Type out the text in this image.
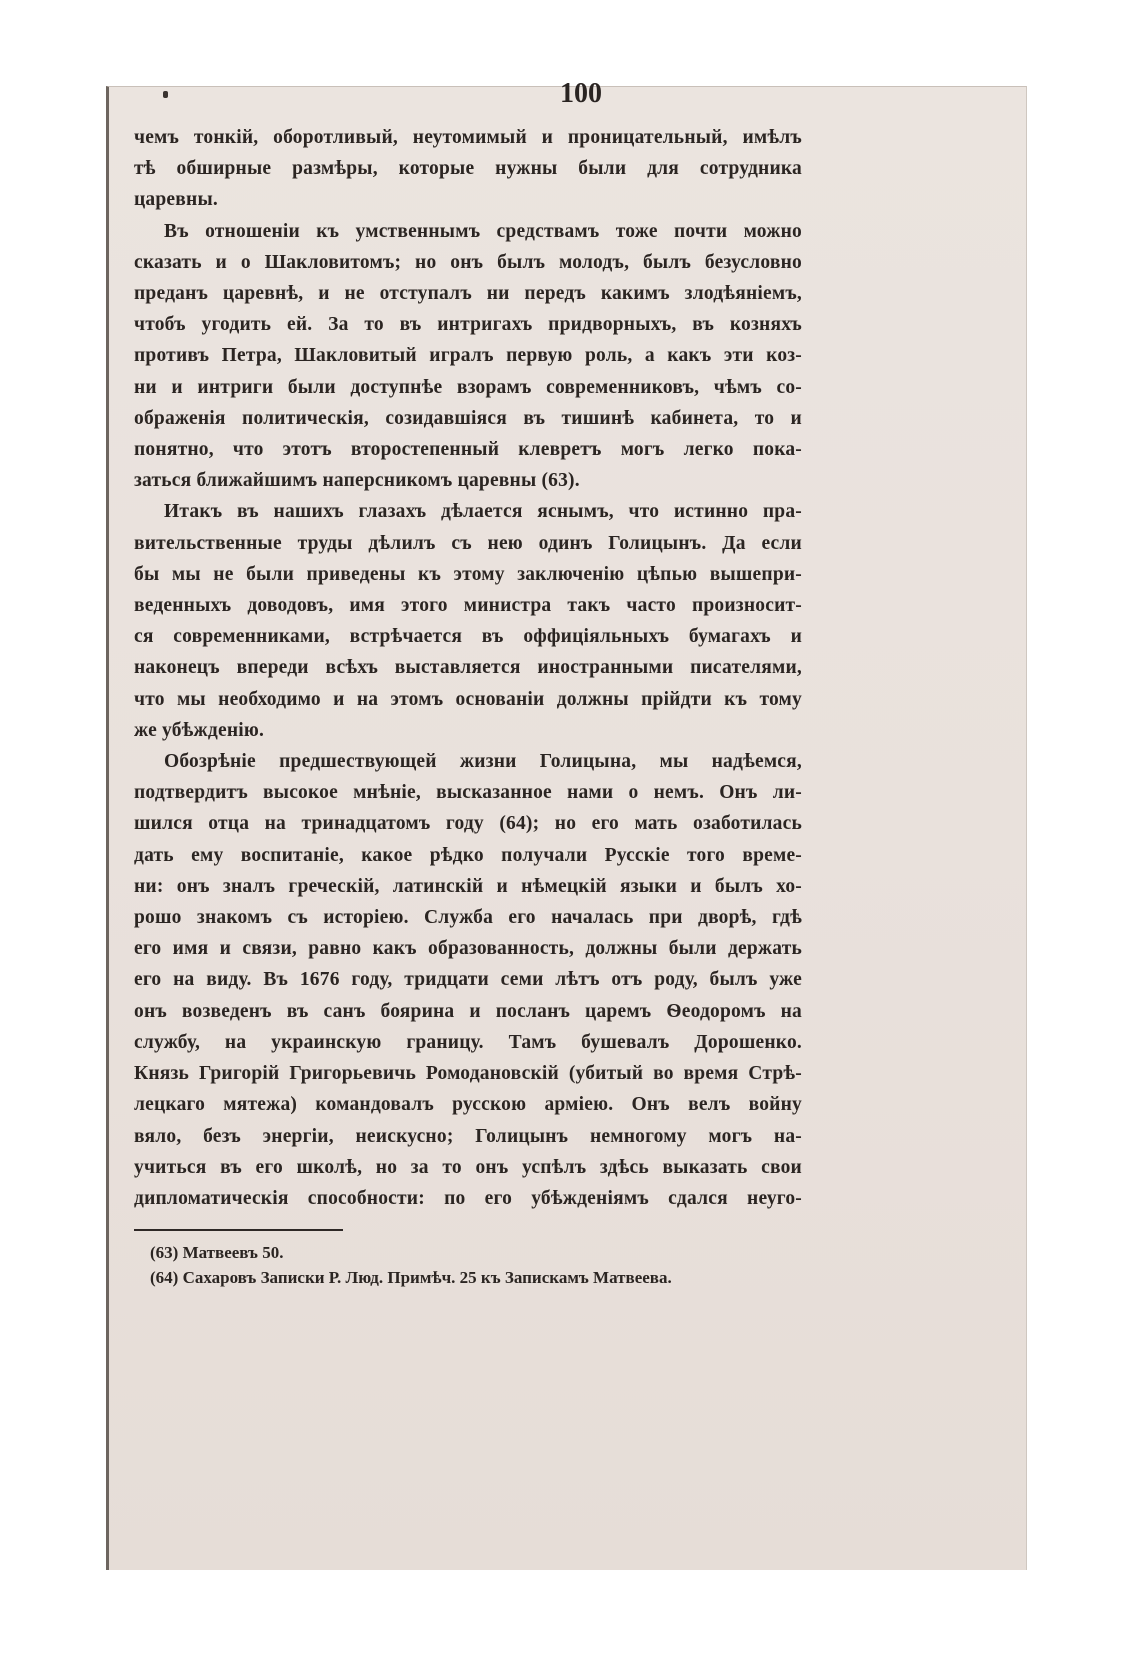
100
чемъ тонкій, оборотливый, неутомимый и проницательный, имѣлъ
тѣ обширные размѣры, которые нужны были для сотрудника
царевны.
Въ отношеніи къ умственнымъ средствамъ тоже почти можно
сказать и о Шакловитомъ; но онъ былъ молодъ, былъ безусловно
преданъ царевнѣ, и не отступалъ ни передъ какимъ злодѣяніемъ,
чтобъ угодить ей. За то въ интригахъ придворныхъ, въ козняхъ
противъ Петра, Шакловитый игралъ первую роль, а какъ эти коз-
ни и интриги были доступнѣе взорамъ современниковъ, чѣмъ со-
ображенія политическія, созидавшіяся въ тишинѣ кабинета, то и
понятно, что этотъ второстепенный клевретъ могъ легко пока-
заться ближайшимъ наперсникомъ царевны (63).
Итакъ въ нашихъ глазахъ дѣлается яснымъ, что истинно пра-
вительственные труды дѣлилъ съ нею одинъ Голицынъ. Да если
бы мы не были приведены къ этому заключенію цѣпью вышепри-
веденныхъ доводовъ, имя этого министра такъ часто произносит-
ся современниками, встрѣчается въ оффиціяльныхъ бумагахъ и
наконецъ впереди всѣхъ выставляется иностранными писателями,
что мы необходимо и на этомъ основаніи должны прійдти къ тому
же убѣжденію.
Обозрѣніе предшествующей жизни Голицына, мы надѣемся,
подтвердитъ высокое мнѣніе, высказанное нами о немъ. Онъ ли-
шился отца на тринадцатомъ году (64); но его мать озаботилась
дать ему воспитаніе, какое рѣдко получали Русскіе того време-
ни: онъ зналъ греческій, латинскій и нѣмецкій языки и былъ хо-
рошо знакомъ съ исторіею. Служба его началась при дворѣ, гдѣ
его имя и связи, равно какъ образованность, должны были держать
его на виду. Въ 1676 году, тридцати семи лѣтъ отъ роду, былъ уже
онъ возведенъ въ санъ боярина и посланъ царемъ Ѳеодоромъ на
службу, на украинскую границу. Тамъ бушевалъ Дорошенко.
Князь Григорій Григорьевичь Ромодановскій (убитый во время Стрѣ-
лецкаго мятежа) командовалъ русскою арміею. Онъ велъ войну
вяло, безъ энергіи, неискусно; Голицынъ немногому могъ на-
учиться въ его школѣ, но за то онъ успѣлъ здѣсь выказать свои
дипломатическія способности: по его убѣжденіямъ сдался неуго-
(63) Матвеевъ 50.
(64) Сахаровъ Записки Р. Люд. Примѣч. 25 къ Запискамъ Матвеева.
